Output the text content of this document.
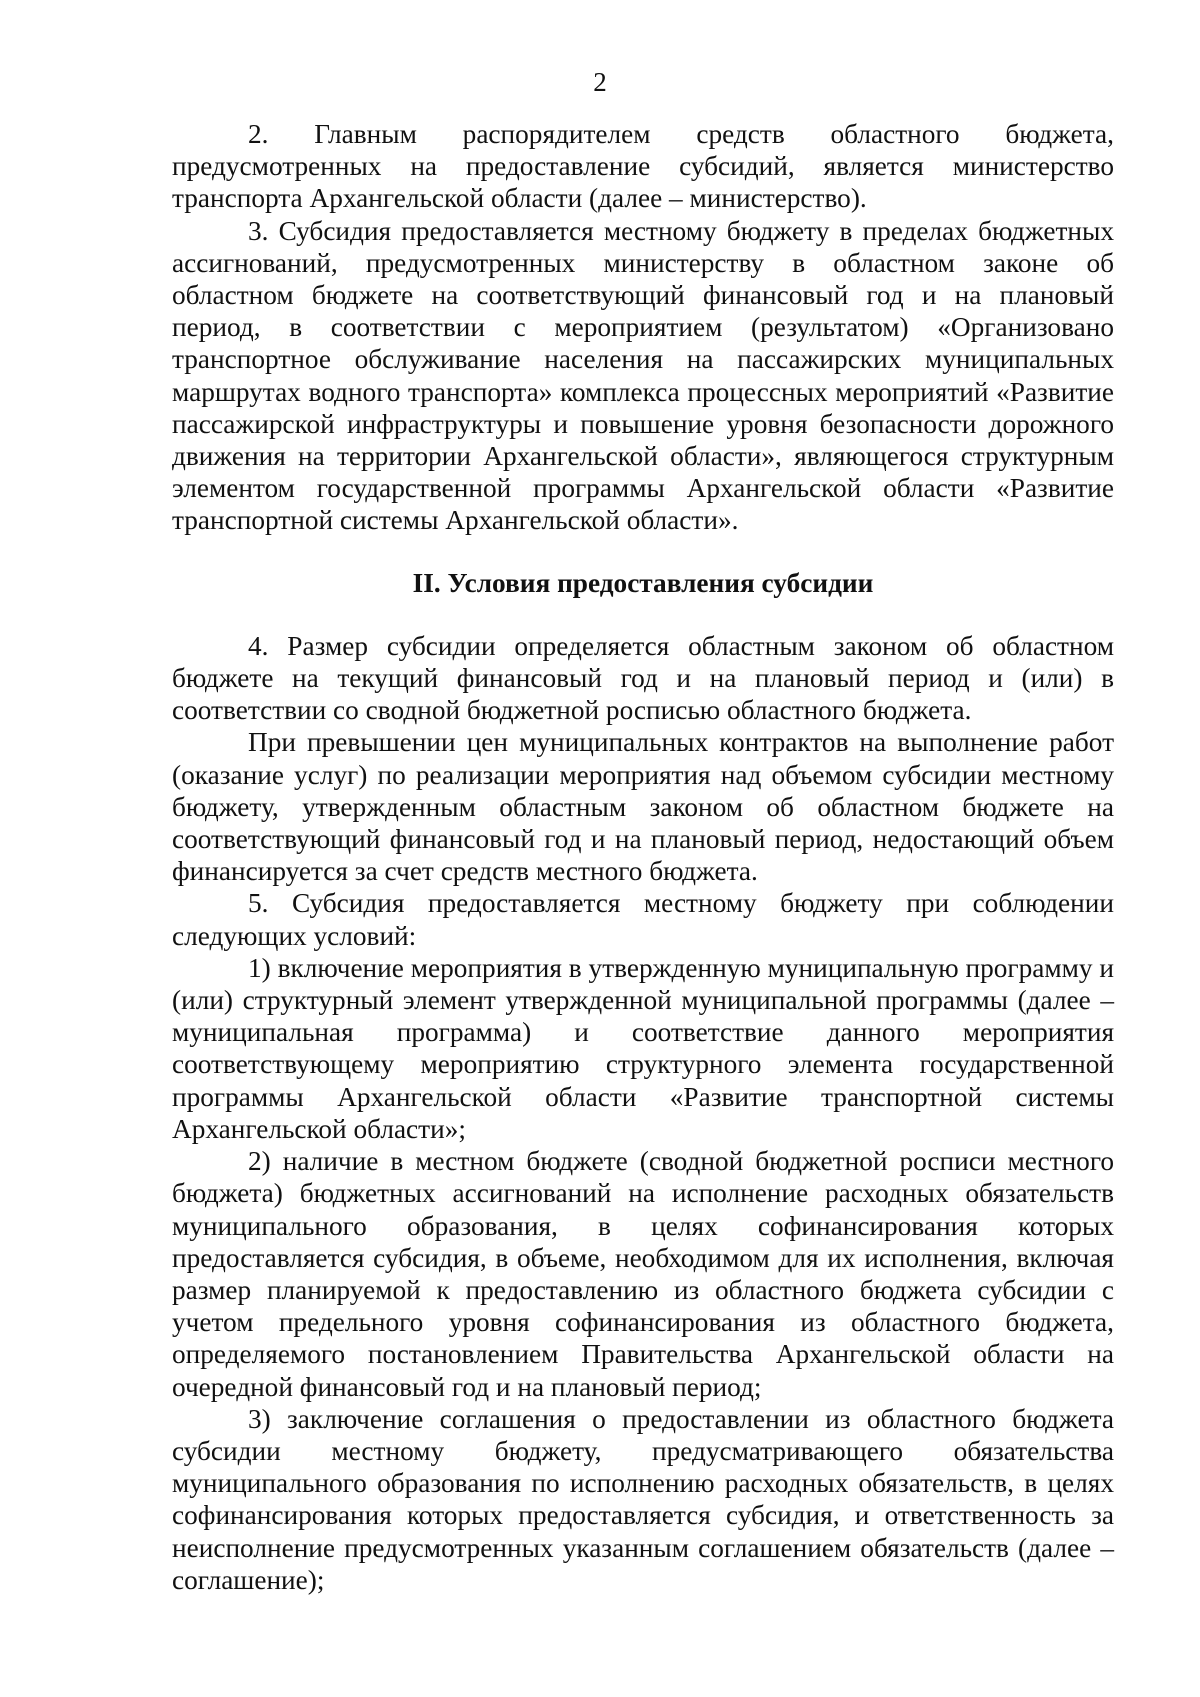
2

2. Главным распорядителем средств областного бюджета, предусмотренных на предоставление субсидий, является министерство транспорта Архангельской области (далее – министерство).

3. Субсидия предоставляется местному бюджету в пределах бюджетных ассигнований, предусмотренных министерству в областном законе об областном бюджете на соответствующий финансовый год и на плановый период, в соответствии с мероприятием (результатом) «Организовано транспортное обслуживание населения на пассажирских муниципальных маршрутах водного транспорта» комплекса процессных мероприятий «Развитие пассажирской инфраструктуры и повышение уровня безопасности дорожного движения на территории Архангельской области», являющегося структурным элементом государственной программы Архангельской области «Развитие транспортной системы Архангельской области».

II. Условия предоставления субсидии

4. Размер субсидии определяется областным законом об областном бюджете на текущий финансовый год и на плановый период и (или) в соответствии со сводной бюджетной росписью областного бюджета.

При превышении цен муниципальных контрактов на выполнение работ (оказание услуг) по реализации мероприятия над объемом субсидии местному бюджету, утвержденным областным законом об областном бюджете на соответствующий финансовый год и на плановый период, недостающий объем финансируется за счет средств местного бюджета.

5. Субсидия предоставляется местному бюджету при соблюдении следующих условий:

1) включение мероприятия в утвержденную муниципальную программу и (или) структурный элемент утвержденной муниципальной программы (далее – муниципальная программа) и соответствие данного мероприятия соответствующему мероприятию структурного элемента государственной программы Архангельской области «Развитие транспортной системы Архангельской области»;

2) наличие в местном бюджете (сводной бюджетной росписи местного бюджета) бюджетных ассигнований на исполнение расходных обязательств муниципального образования, в целях софинансирования которых предоставляется субсидия, в объеме, необходимом для их исполнения, включая размер планируемой к предоставлению из областного бюджета субсидии с учетом предельного уровня софинансирования из областного бюджета, определяемого постановлением Правительства Архангельской области на очередной финансовый год и на плановый период;

3) заключение соглашения о предоставлении из областного бюджета субсидии местному бюджету, предусматривающего обязательства муниципального образования по исполнению расходных обязательств, в целях софинансирования которых предоставляется субсидия, и ответственность за неисполнение предусмотренных указанным соглашением обязательств (далее – соглашение);
